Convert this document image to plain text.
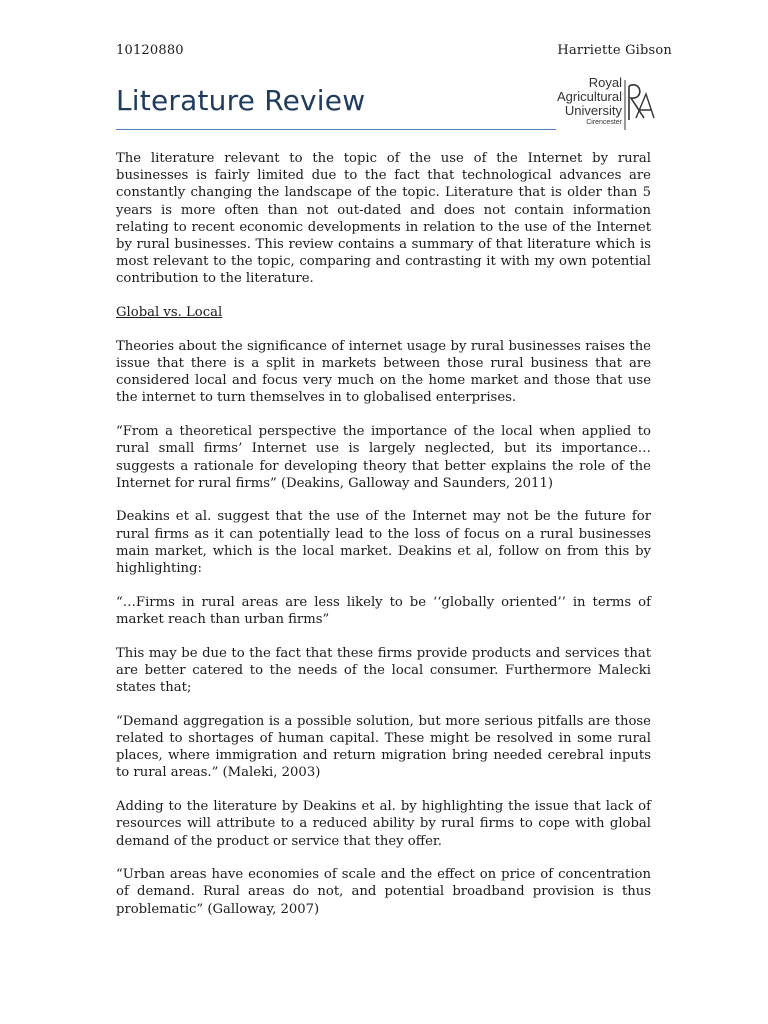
10120880	Harriette Gibson
Literature Review
Royal
Agricultural
University
Cirencester

The literature relevant to the topic of the use of the Internet by rural businesses is fairly limited due to the fact that technological advances are constantly changing the landscape of the topic. Literature that is older than 5 years is more often than not out-dated and does not contain information relating to recent economic developments in relation to the use of the Internet by rural businesses. This review contains a summary of that literature which is most relevant to the topic, comparing and contrasting it with my own potential contribution to the literature.

Global vs. Local

Theories about the significance of internet usage by rural businesses raises the issue that there is a split in markets between those rural business that are considered local and focus very much on the home market and those that use the internet to turn themselves in to globalised enterprises.

“From a theoretical perspective the importance of the local when applied to rural small firms’ Internet use is largely neglected, but its importance… suggests a rationale for developing theory that better explains the role of the Internet for rural firms” (Deakins, Galloway and Saunders, 2011)

Deakins et al. suggest that the use of the Internet may not be the future for rural firms as it can potentially lead to the loss of focus on a rural businesses main market, which is the local market. Deakins et al, follow on from this by highlighting:

“…Firms in rural areas are less likely to be ‘‘globally oriented’’ in terms of market reach than urban firms”

This may be due to the fact that these firms provide products and services that are better catered to the needs of the local consumer. Furthermore Malecki states that;

“Demand aggregation is a possible solution, but more serious pitfalls are those related to shortages of human capital. These might be resolved in some rural places, where immigration and return migration bring needed cerebral inputs to rural areas.” (Maleki, 2003)

Adding to the literature by Deakins et al. by highlighting the issue that lack of resources will attribute to a reduced ability by rural firms to cope with global demand of the product or service that they offer.

“Urban areas have economies of scale and the effect on price of concentration of demand. Rural areas do not, and potential broadband provision is thus problematic” (Galloway, 2007)
